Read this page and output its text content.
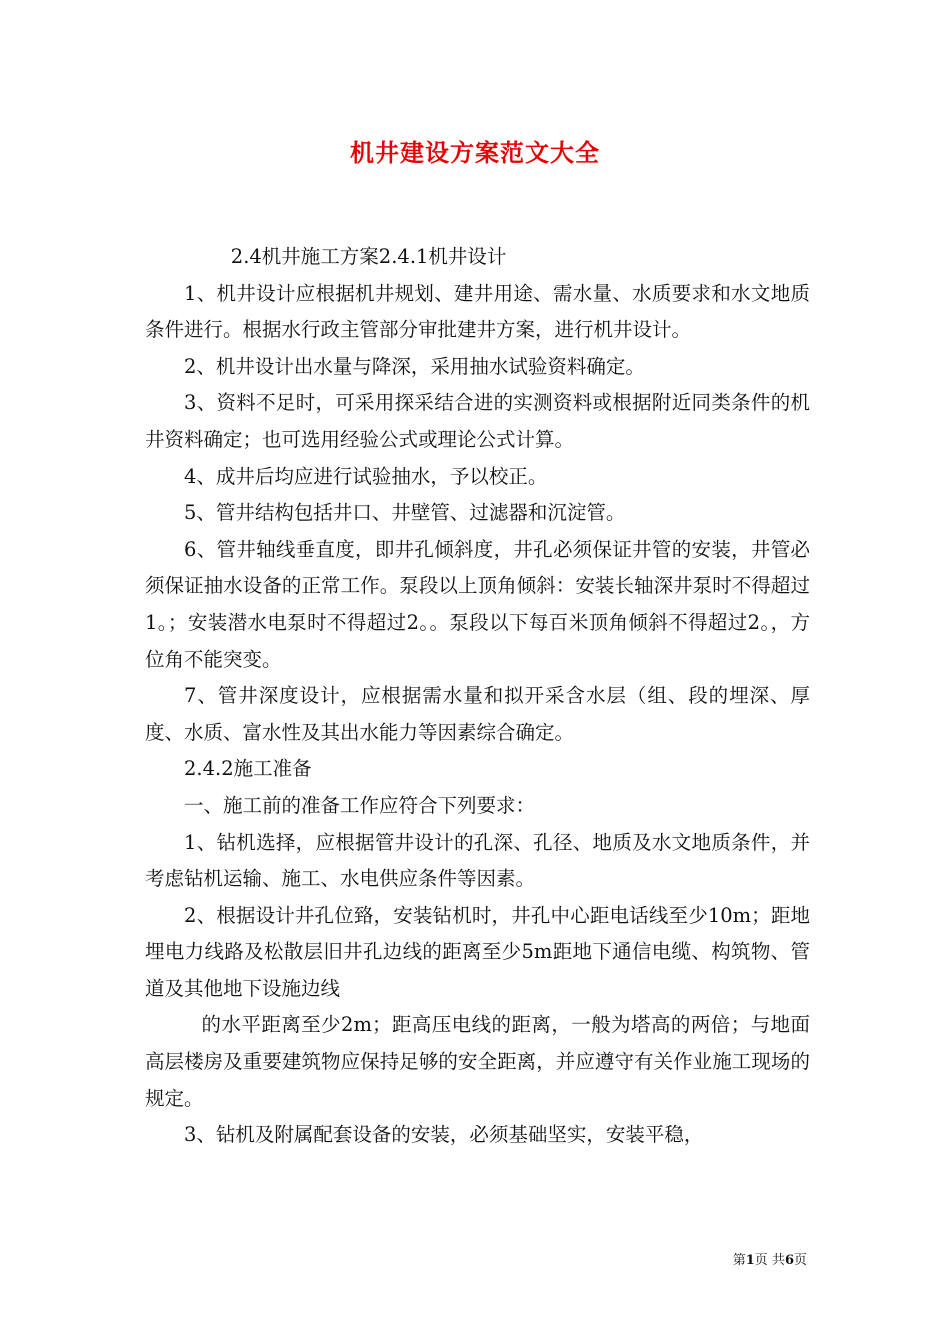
机井建设方案范文大全

2.4机井施工方案2.4.1机井设计

1、机井设计应根据机井规划、建井用途、需水量、水质要求和水文地质条件进行。根据水行政主管部分审批建井方案，进行机井设计。

2、机井设计出水量与降深，采用抽水试验资料确定。

3、资料不足时，可采用探采结合进的实测资料或根据附近同类条件的机井资料确定；也可选用经验公式或理论公式计算。

4、成井后均应进行试验抽水，予以校正。

5、管井结构包括井口、井壁管、过滤器和沉淀管。

6、管井轴线垂直度，即井孔倾斜度，井孔必须保证井管的安装，井管必须保证抽水设备的正常工作。泵段以上顶角倾斜：安装长轴深井泵时不得超过1。；安装潜水电泵时不得超过2。。泵段以下每百米顶角倾斜不得超过2。，方位角不能突变。

7、管井深度设计，应根据需水量和拟开采含水层（组、段的埋深、厚度、水质、富水性及其出水能力等因素综合确定。

2.4.2施工准备

一、施工前的准备工作应符合下列要求：

1、钻机选择，应根据管井设计的孔深、孔径、地质及水文地质条件，并考虑钻机运输、施工、水电供应条件等因素。

2、根据设计井孔位臵，安装钻机时，井孔中心距电话线至少10m；距地埋电力线路及松散层旧井孔边线的距离至少5m距地下通信电缆、构筑物、管道及其他地下设施边线

的水平距离至少2m；距高压电线的距离，一般为塔高的两倍；与地面高层楼房及重要建筑物应保持足够的安全距离，并应遵守有关作业施工现场的规定。

3、钻机及附属配套设备的安装，必须基础坚实，安装平稳，

第1页 共6页
